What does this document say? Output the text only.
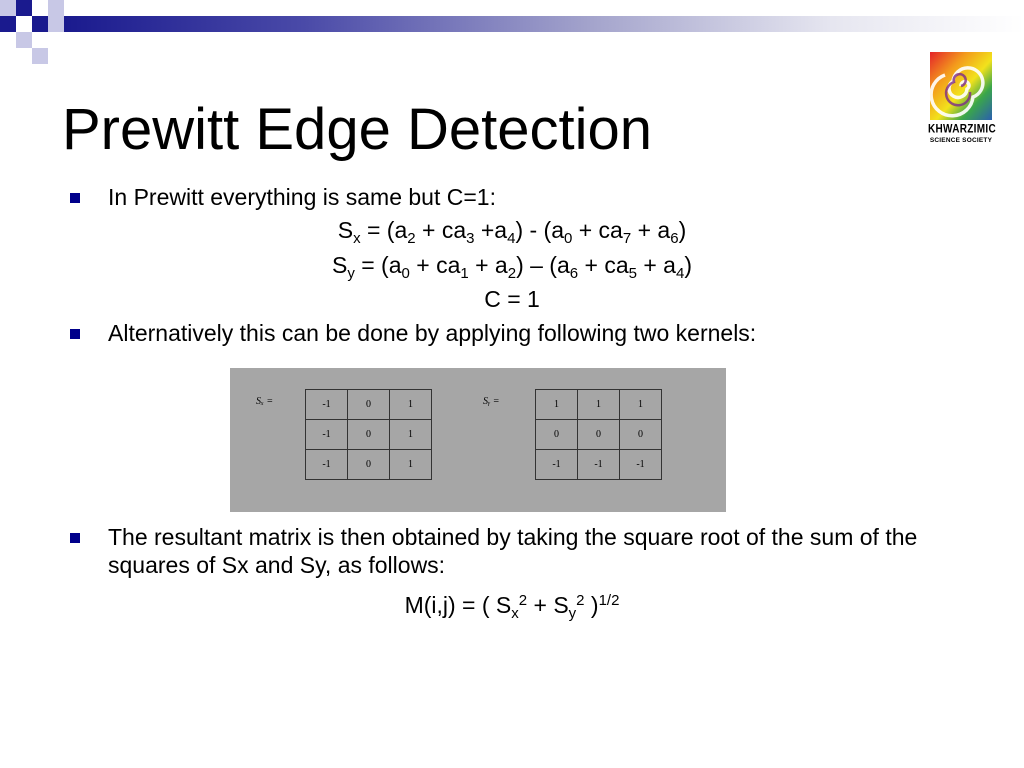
Prewitt Edge Detection	KHWARZIMIC
SCIENCE SOCIETY
In Prewitt everything is same but C=1:
$S_x = (a_2 + ca_3 +a_4) - (a_0 + ca_7 + a_6)$
$S_y = (a_0 + ca_1 + a_2) - (a_6 + ca_5 + a_4)$
C = 1
Alternatively this can be done by applying following two kernels:
Sₓ =	-1	0	1
-1	0	1
-1	0	1
Sᵧ =	1	1	1
0	0	0
-1	-1	-1
The resultant matrix is then obtained by taking the square root of the sum of the squares of Sx and Sy, as follows:
M(i,j) = ( $S_x^2 + S_y^2$ )$^{1/2}$
